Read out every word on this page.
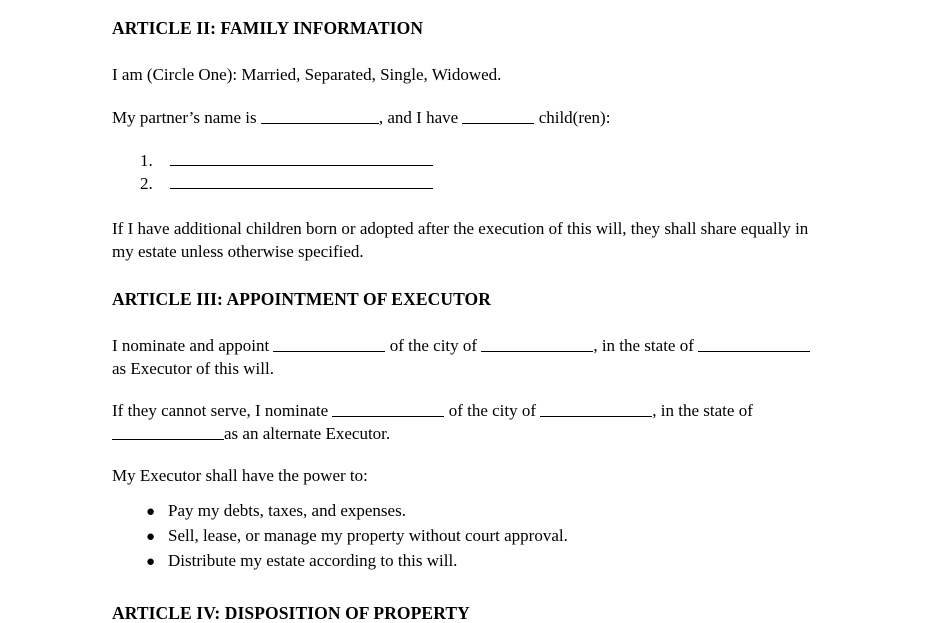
ARTICLE II: FAMILY INFORMATION

I am (Circle One): Married, Separated, Single, Widowed.

My partner’s name is	, and I have	child(ren):

1.
2.

If I have additional children born or adopted after the execution of this will, they shall share equally in my estate unless otherwise specified.

ARTICLE III: APPOINTMENT OF EXECUTOR

I nominate and appoint	of the city of	, in the state of  as Executor of this will.

If they cannot serve, I nominate	of the city of	, in the state of as an alternate Executor.

My Executor shall have the power to:

● Pay my debts, taxes, and expenses.
● Sell, lease, or manage my property without court approval.
● Distribute my estate according to this will.
ARTICLE IV: DISPOSITION OF PROPERTY
